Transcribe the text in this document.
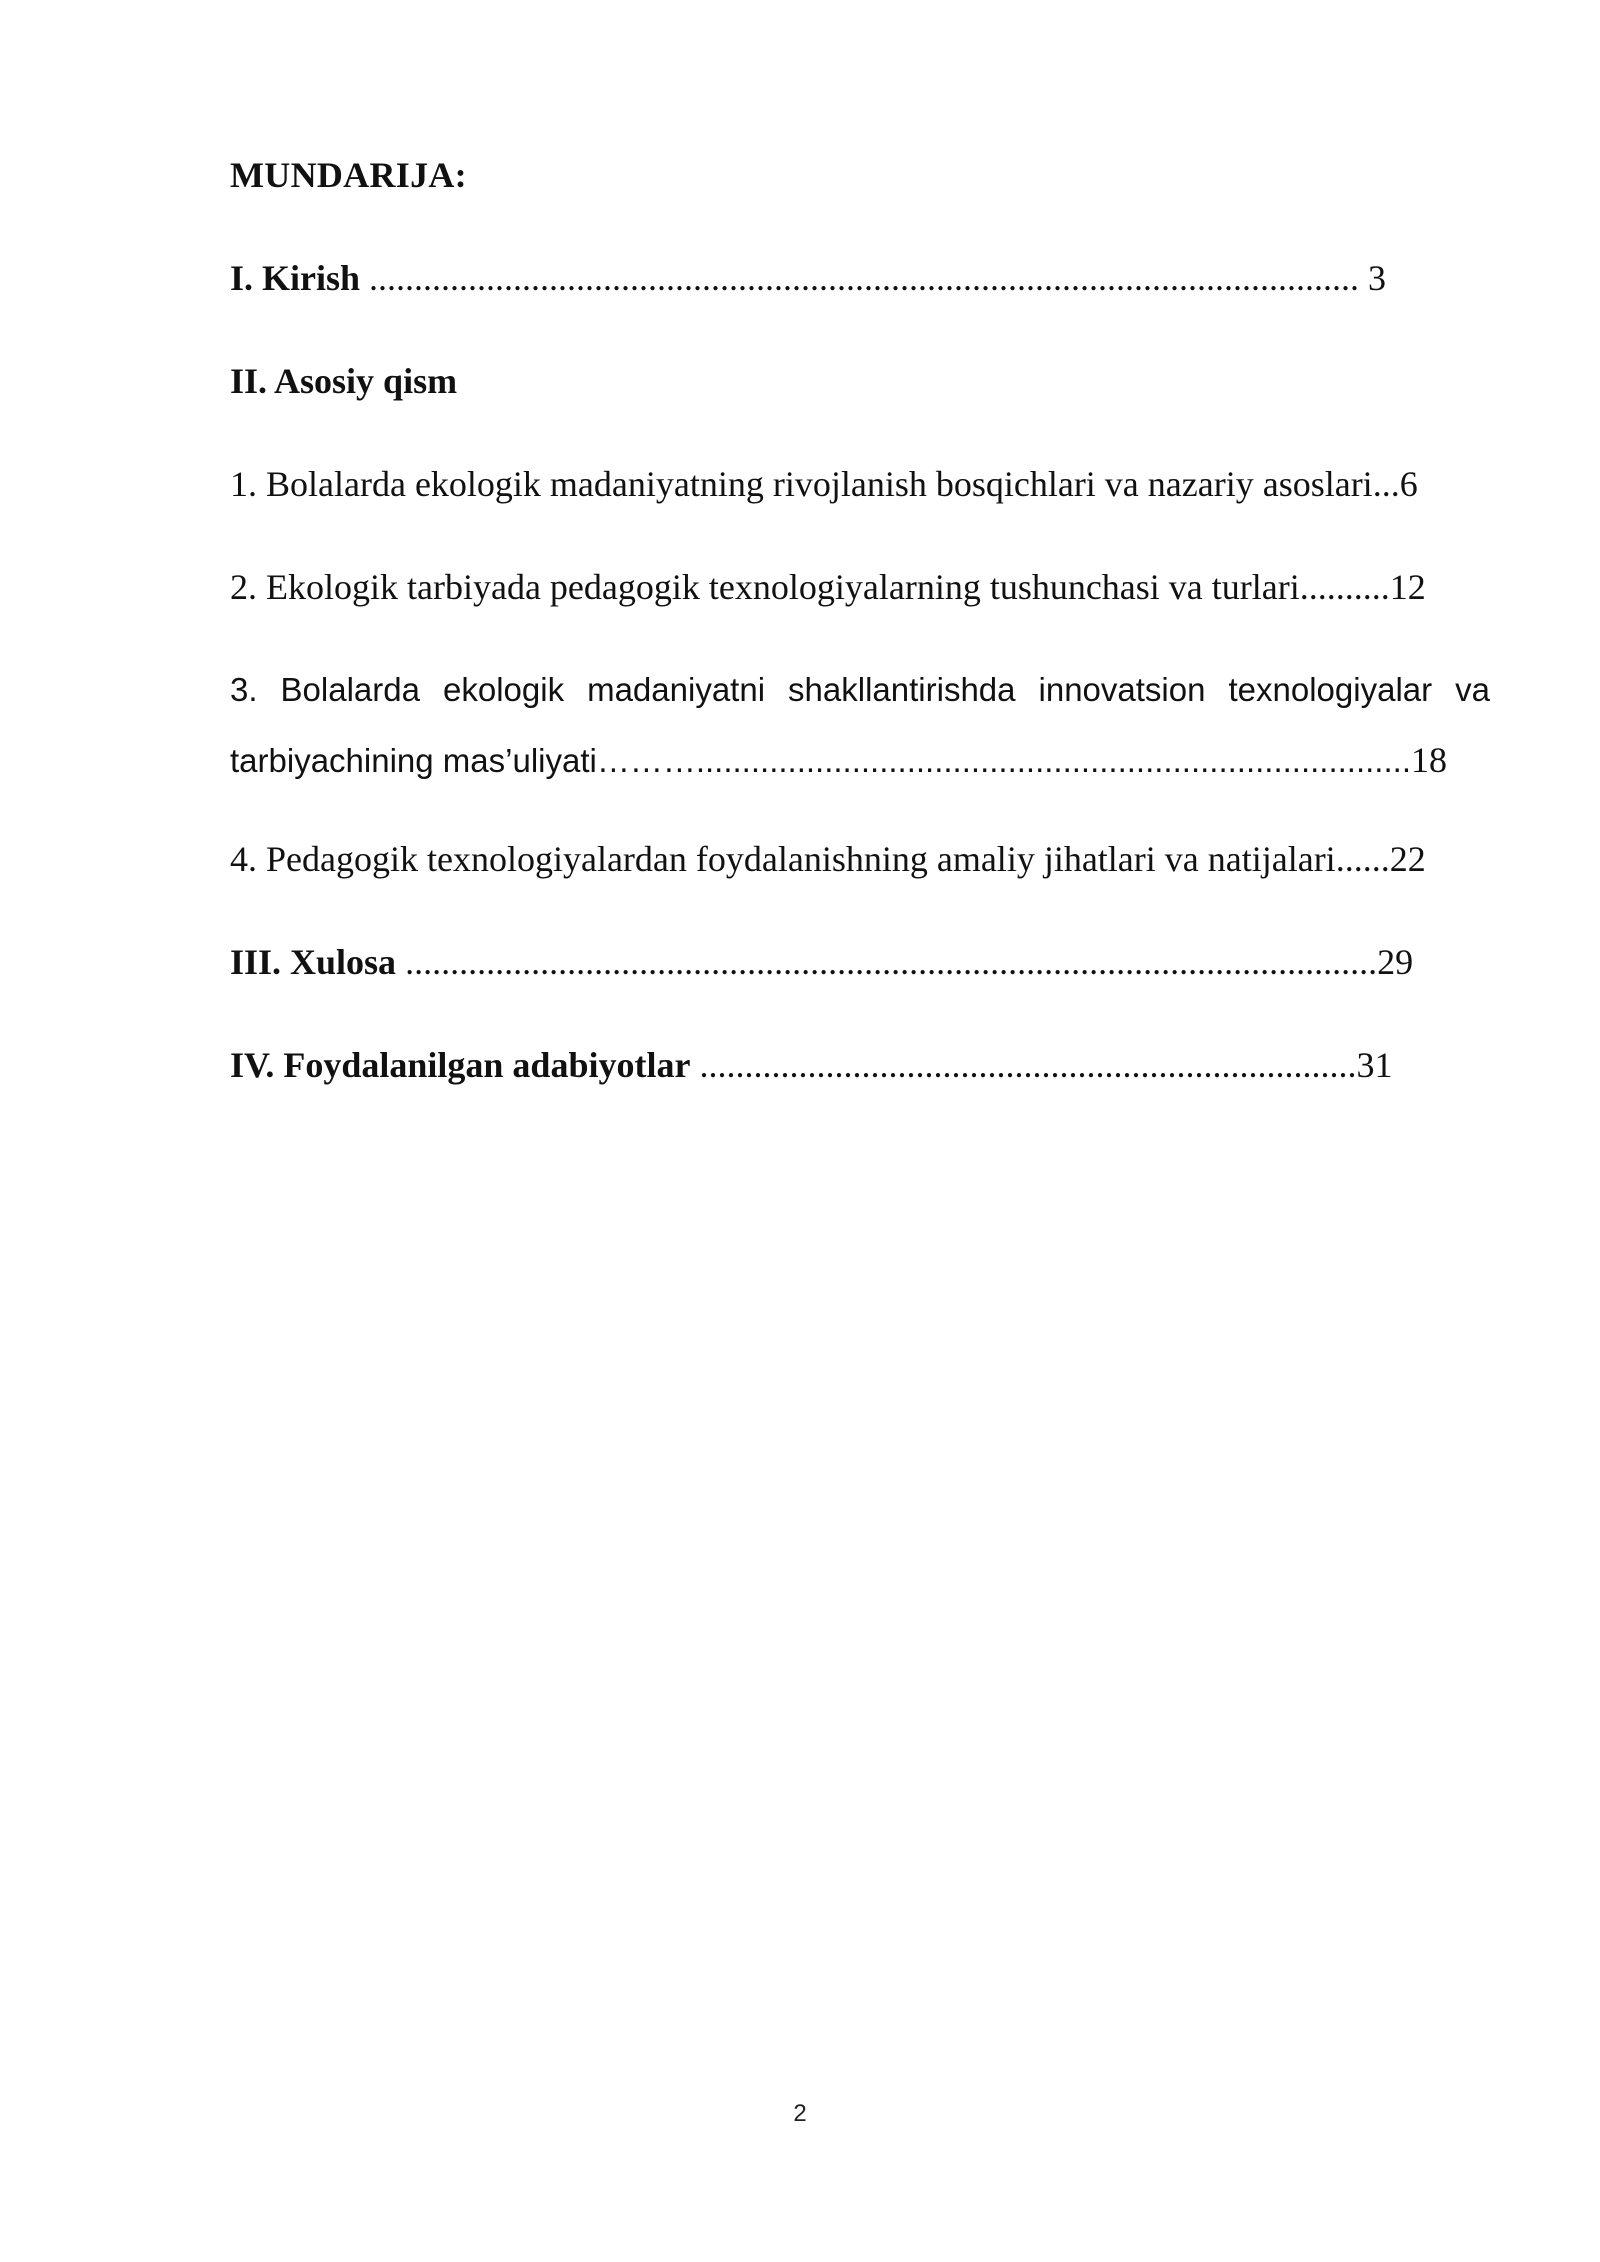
MUNDARIJA:
I. Kirish .............................................................................................................. 3
II. Asosiy qism
1. Bolalarda ekologik madaniyatning rivojlanish bosqichlari va nazariy asoslari...6
2. Ekologik tarbiyada pedagogik texnologiyalarning tushunchasi va turlari..........12
3. Bolalarda ekologik madaniyatni shakllantirishda innovatsion texnologiyalar va tarbiyachining mas’uliyati………..............................................................................18
4. Pedagogik texnologiyalardan foydalanishning amaliy jihatlari va natijalari......22
III. Xulosa ............................................................................................................29
IV. Foydalanilgan adabiyotlar .........................................................................31
2
